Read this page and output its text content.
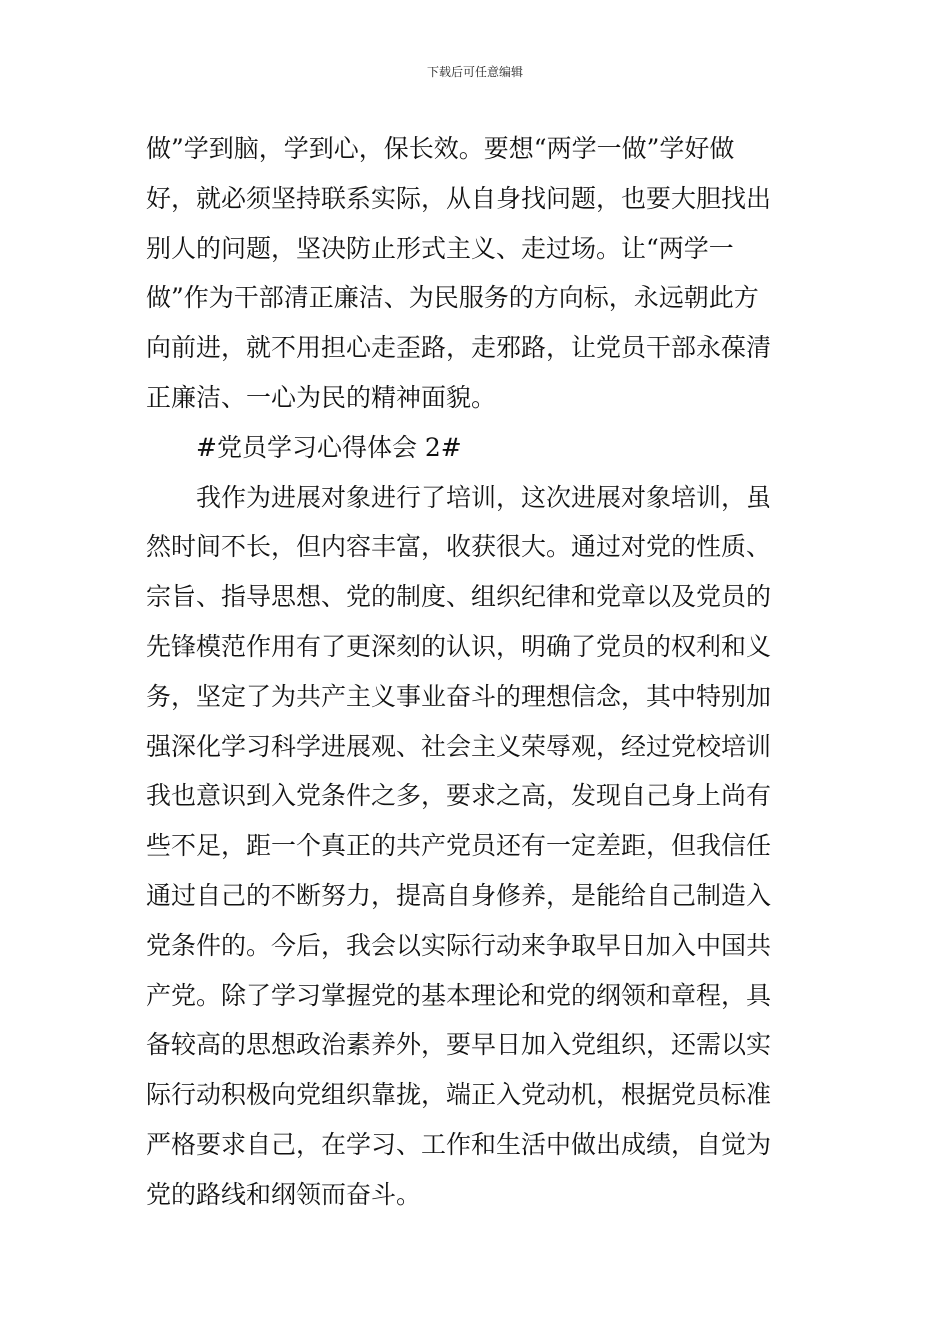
下载后可任意编辑
做”学到脑，学到心，保长效。要想“两学一做”学好做
好，就必须坚持联系实际，从自身找问题，也要大胆找出
别人的问题，坚决防止形式主义、走过场。让“两学一
做”作为干部清正廉洁、为民服务的方向标，永远朝此方
向前进，就不用担心走歪路，走邪路，让党员干部永葆清
正廉洁、一心为民的精神面貌。
#党员学习心得体会 2#
我作为进展对象进行了培训，这次进展对象培训，虽
然时间不长，但内容丰富，收获很大。通过对党的性质、
宗旨、指导思想、党的制度、组织纪律和党章以及党员的
先锋模范作用有了更深刻的认识，明确了党员的权利和义
务，坚定了为共产主义事业奋斗的理想信念，其中特别加
强深化学习科学进展观、社会主义荣辱观，经过党校培训
我也意识到入党条件之多，要求之高，发现自己身上尚有
些不足，距一个真正的共产党员还有一定差距，但我信任
通过自己的不断努力，提高自身修养，是能给自己制造入
党条件的。今后，我会以实际行动来争取早日加入中国共
产党。除了学习掌握党的基本理论和党的纲领和章程，具
备较高的思想政治素养外，要早日加入党组织，还需以实
际行动积极向党组织靠拢，端正入党动机，根据党员标准
严格要求自己，在学习、工作和生活中做出成绩，自觉为
党的路线和纲领而奋斗。
